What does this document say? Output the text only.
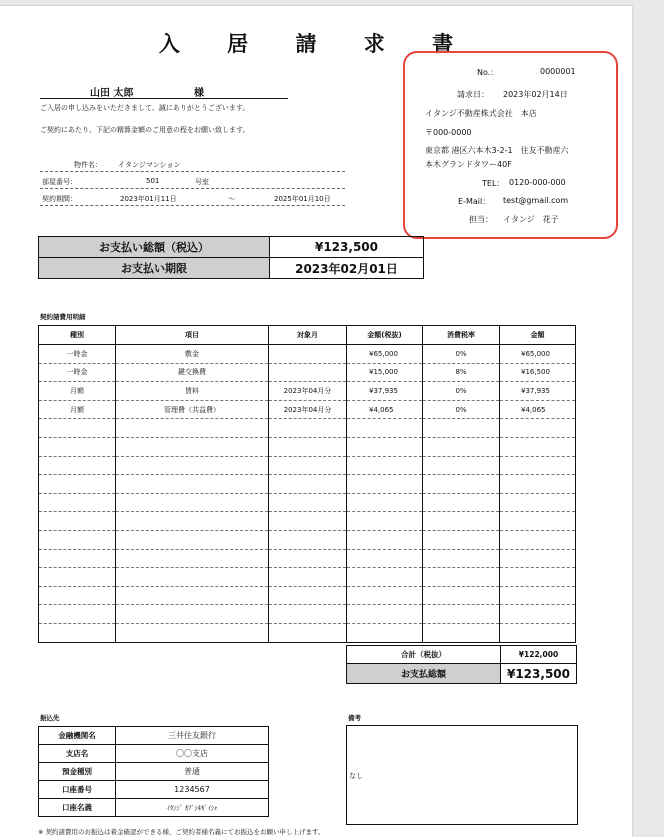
入 居 請 求 書
山田 太郎	様
ご入居の申し込みをいただきまして、誠にありがとうございます。
ご契約にあたり、下記の精算金額のご用意の程をお願い致します。
物件名： イタンジマンション
部屋番号：	501	号室
契約期間：	2023年01月11日	～	2025年01月10日
No.：	0000001
請求日： 2023年02月14日
イタンジ不動産株式会社　本店
〒000-0000
東京都 港区六本木3-2-1　住友不動産六
本木グランドタワー40F
TEL： 0120-000-000
E-Mail： test@gmail.com
担当： イタンジ　花子
お支払い総額（税込）	¥123,500
お支払い期限	2023年02月01日
契約諸費用明細
種別	項目	対象月	金額(税抜)	消費税率	金額
一時金	敷金		¥65,000	0%	¥65,000
一時金	鍵交換費		¥15,000	8%	¥16,500
月額	賃料	2023年04月分	¥37,935	0%	¥37,935
月額	管理費（共益費）	2023年04月分	¥4,065	0%	¥4,065

合計（税抜）	¥122,000
お支払総額	¥123,500
振込先
金融機関名	三井住友銀行
支店名	〇〇支店
預金種別	普通
口座番号	1234567
口座名義	ｲﾀﾝｼﾞ ｶﾌﾞｼｷｶﾞｲｼｬ
備考
なし
※ 契約諸費用のお振込は着金確認ができる様、ご契約者様名義にてお振込をお願い申し上げます。
